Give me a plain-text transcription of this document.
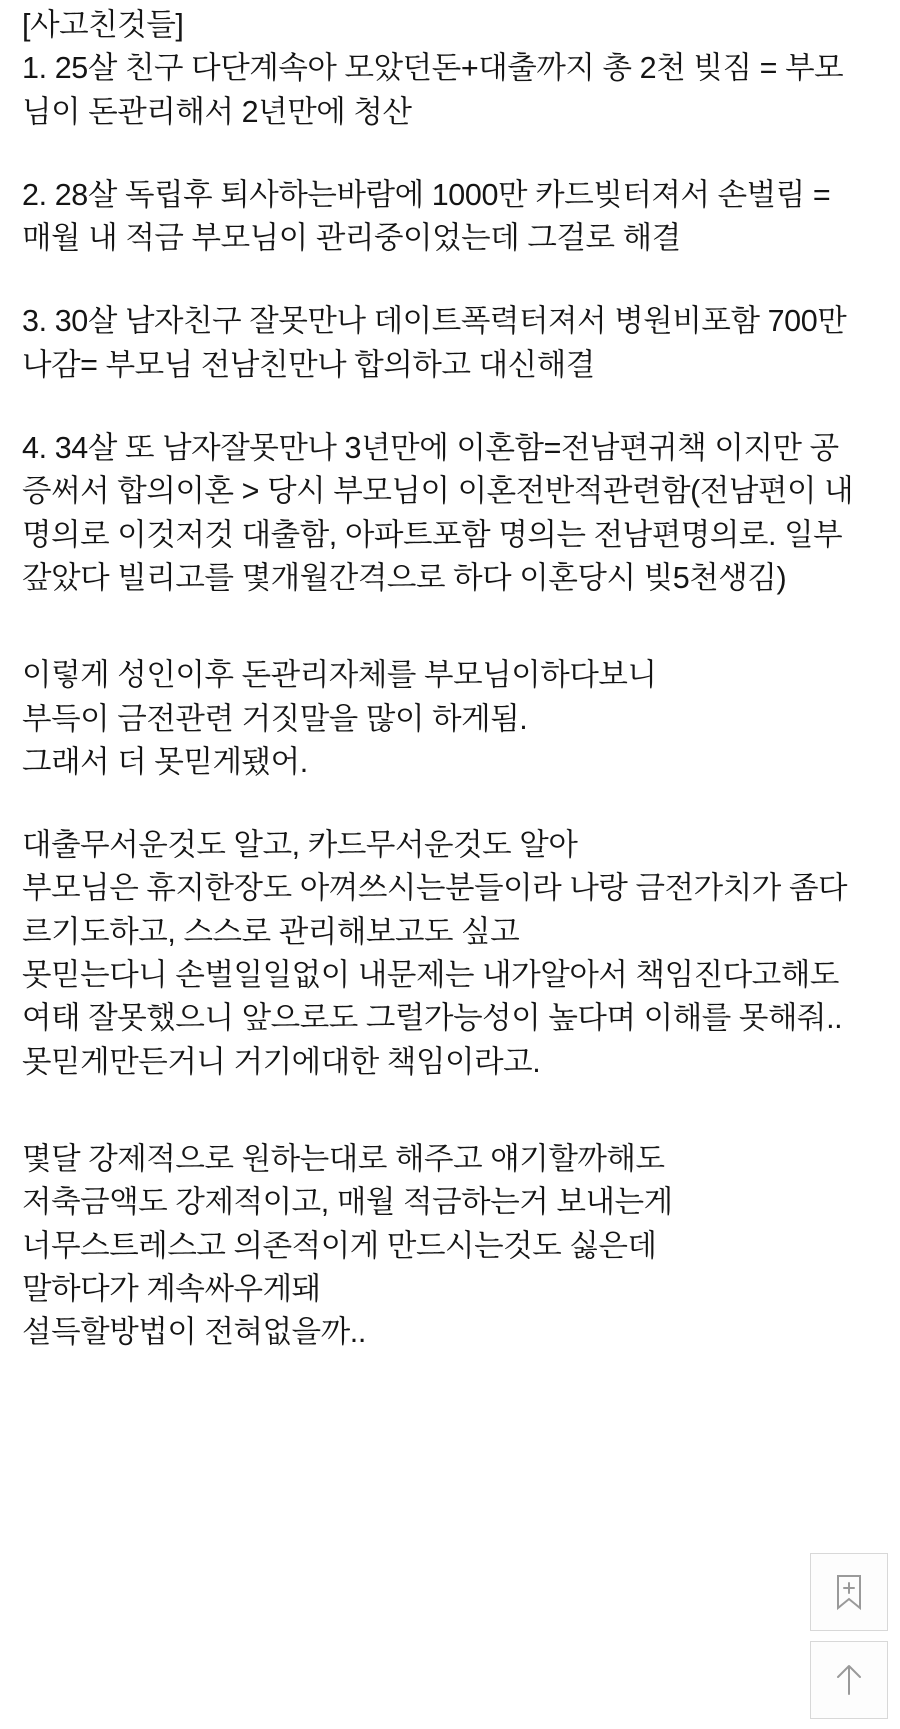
[사고친것들]
1. 25살 친구 다단계속아 모았던돈+대출까지 총 2천 빚짐 = 부모
님이 돈관리해서 2년만에 청산
2. 28살 독립후 퇴사하는바람에 1000만 카드빚터져서 손벌림 =
매월 내 적금 부모님이 관리중이었는데 그걸로 해결
3. 30살 남자친구 잘못만나 데이트폭력터져서 병원비포함 700만
나감= 부모님 전남친만나 합의하고 대신해결
4. 34살 또 남자잘못만나 3년만에 이혼함=전남편귀책 이지만 공
증써서 합의이혼 > 당시 부모님이 이혼전반적관련함(전남편이 내
명의로 이것저것 대출함, 아파트포함 명의는 전남편명의로. 일부
갚았다 빌리고를 몇개월간격으로 하다 이혼당시 빚5천생김)
이렇게 성인이후 돈관리자체를 부모님이하다보니
부득이 금전관련 거짓말을 많이 하게됨.
그래서 더 못믿게됐어.
대출무서운것도 알고, 카드무서운것도 알아
부모님은 휴지한장도 아껴쓰시는분들이라 나랑 금전가치가 좀다
르기도하고, 스스로 관리해보고도 싶고
못믿는다니 손벌일일없이 내문제는 내가알아서 책임진다고해도
여태 잘못했으니 앞으로도 그럴가능성이 높다며 이해를 못해줘..
못믿게만든거니 거기에대한 책임이라고.
몇달 강제적으로 원하는대로 해주고 얘기할까해도
저축금액도 강제적이고, 매월 적금하는거 보내는게
너무스트레스고 의존적이게 만드시는것도 싫은데
말하다가 계속싸우게돼
설득할방법이 전혀없을까..
